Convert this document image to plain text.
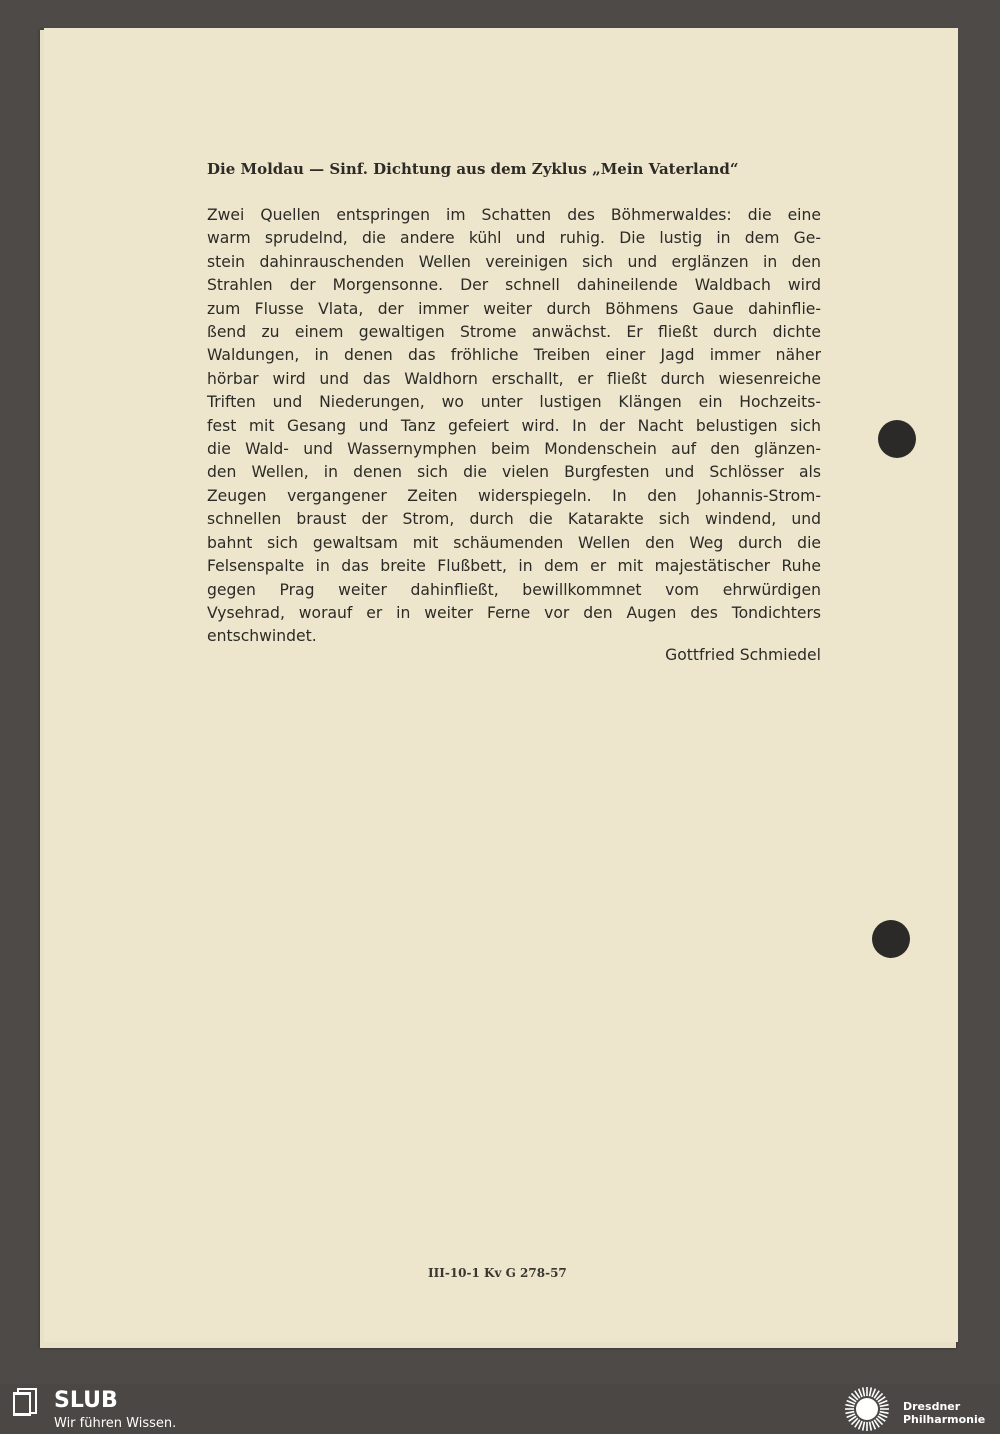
Die Moldau — Sinf. Dichtung aus dem Zyklus „Mein Vaterland“
Zwei Quellen entspringen im Schatten des Böhmerwaldes: die eine
warm sprudelnd, die andere kühl und ruhig. Die lustig in dem Ge-
stein dahinrauschenden Wellen vereinigen sich und erglänzen in den
Strahlen der Morgensonne. Der schnell dahineilende Waldbach wird
zum Flusse Vlata, der immer weiter durch Böhmens Gaue dahinflie-
ßend zu einem gewaltigen Strome anwächst. Er fließt durch dichte
Waldungen, in denen das fröhliche Treiben einer Jagd immer näher
hörbar wird und das Waldhorn erschallt, er fließt durch wiesenreiche
Triften und Niederungen, wo unter lustigen Klängen ein Hochzeits-
fest mit Gesang und Tanz gefeiert wird. In der Nacht belustigen sich
die Wald- und Wassernymphen beim Mondenschein auf den glänzen-
den Wellen, in denen sich die vielen Burgfesten und Schlösser als
Zeugen vergangener Zeiten widerspiegeln. In den Johannis-Strom-
schnellen braust der Strom, durch die Katarakte sich windend, und
bahnt sich gewaltsam mit schäumenden Wellen den Weg durch die
Felsenspalte in das breite Flußbett, in dem er mit majestätischer Ruhe
gegen Prag weiter dahinfließt, bewillkommnet vom ehrwürdigen
Vysehrad, worauf er in weiter Ferne vor den Augen des Tondichters
entschwindet.
Gottfried Schmiedel
III-10-1 Kv G 278-57
SLUB
Wir führen Wissen.
Dresdner
Philharmonie
